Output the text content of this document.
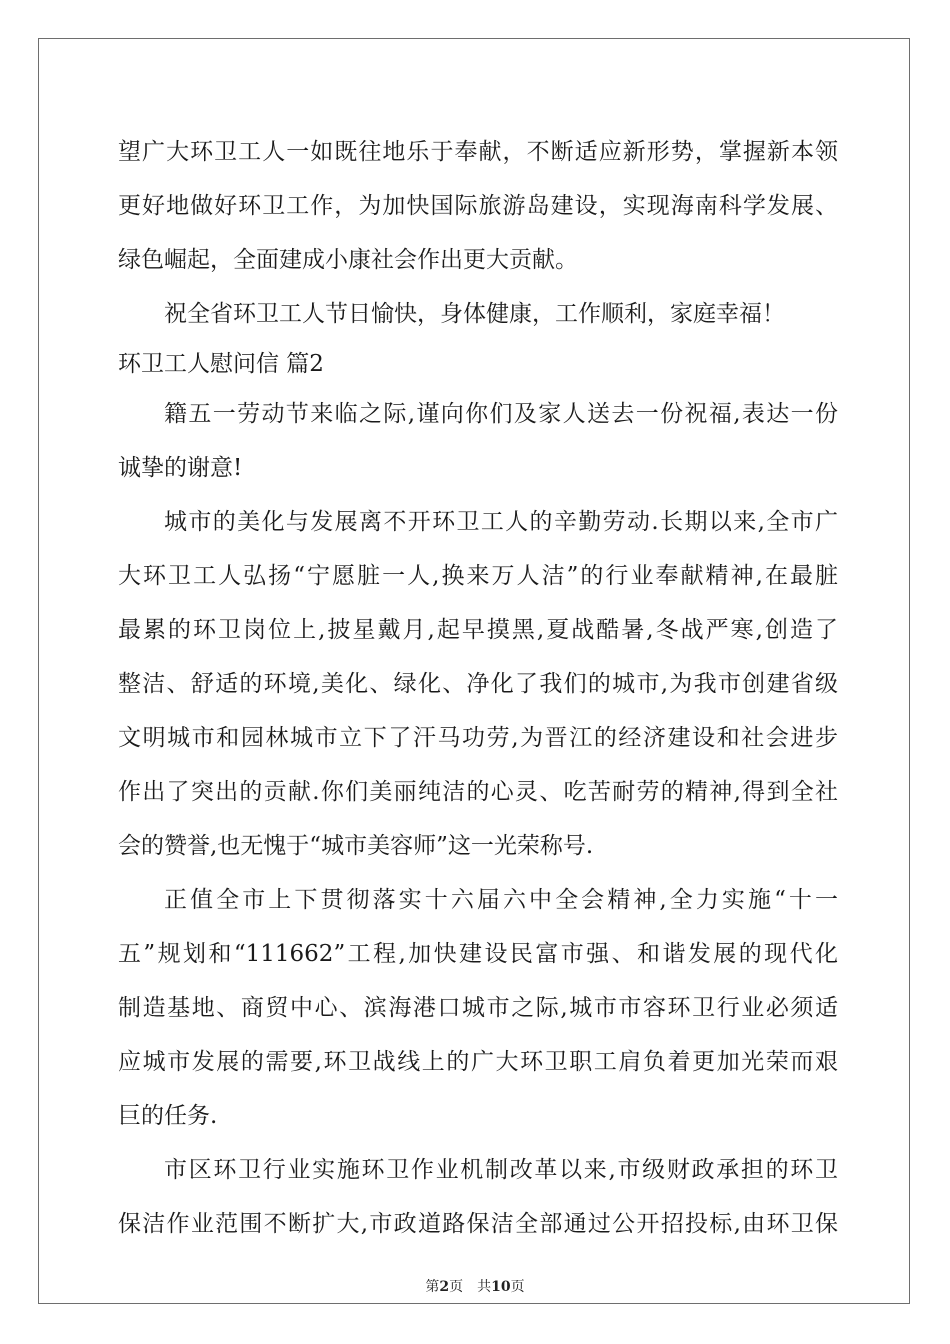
望广大环卫工人一如既往地乐于奉献，不断适应新形势，掌握新本领
更好地做好环卫工作，为加快国际旅游岛建设，实现海南科学发展、
绿色崛起，全面建成小康社会作出更大贡献。
祝全省环卫工人节日愉快，身体健康，工作顺利，家庭幸福！
环卫工人慰问信 篇2
籍五一劳动节来临之际,谨向你们及家人送去一份祝福,表达一份
诚挚的谢意!
城市的美化与发展离不开环卫工人的辛勤劳动.长期以来,全市广
大环卫工人弘扬“宁愿脏一人,换来万人洁”的行业奉献精神,在最脏
最累的环卫岗位上,披星戴月,起早摸黑,夏战酷暑,冬战严寒,创造了
整洁、舒适的环境,美化、绿化、净化了我们的城市,为我市创建省级
文明城市和园林城市立下了汗马功劳,为晋江的经济建设和社会进步
作出了突出的贡献.你们美丽纯洁的心灵、吃苦耐劳的精神,得到全社
会的赞誉,也无愧于“城市美容师”这一光荣称号.
正值全市上下贯彻落实十六届六中全会精神,全力实施“十一
五”规划和“111662”工程,加快建设民富市强、和谐发展的现代化
制造基地、商贸中心、滨海港口城市之际,城市市容环卫行业必须适
应城市发展的需要,环卫战线上的广大环卫职工肩负着更加光荣而艰
巨的任务.
市区环卫行业实施环卫作业机制改革以来,市级财政承担的环卫
保洁作业范围不断扩大,市政道路保洁全部通过公开招投标,由环卫保
第2页 共10页
